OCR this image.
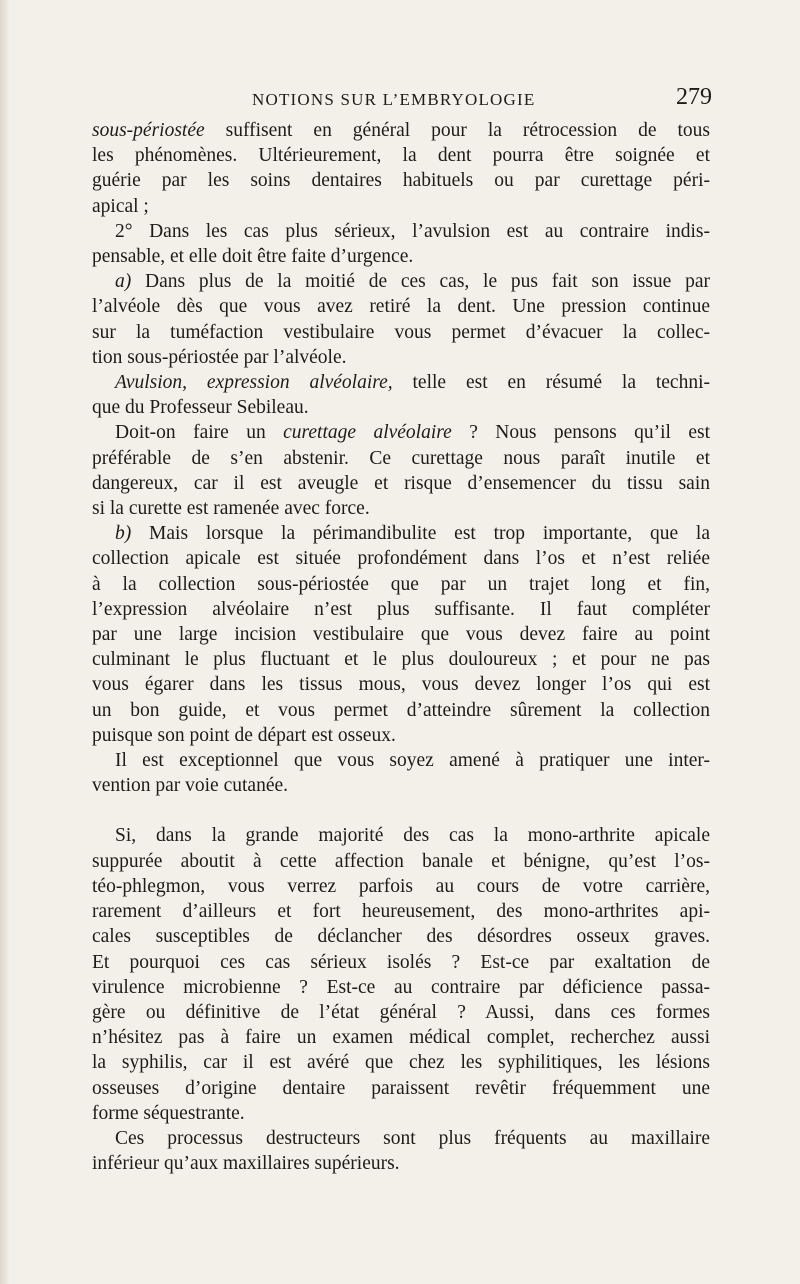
NOTIONS SUR L’EMBRYOLOGIE	279
sous-périostée suffisent en général pour la rétrocession de tous
les phénomènes. Ultérieurement, la dent pourra être soignée et
guérie par les soins dentaires habituels ou par curettage péri-
apical ;
2° Dans les cas plus sérieux, l’avulsion est au contraire indis-
pensable, et elle doit être faite d’urgence.
a) Dans plus de la moitié de ces cas, le pus fait son issue par
l’alvéole dès que vous avez retiré la dent. Une pression continue
sur la tuméfaction vestibulaire vous permet d’évacuer la collec-
tion sous-périostée par l’alvéole.
Avulsion, expression alvéolaire, telle est en résumé la techni-
que du Professeur Sebileau.
Doit-on faire un curettage alvéolaire ? Nous pensons qu’il est
préférable de s’en abstenir. Ce curettage nous paraît inutile et
dangereux, car il est aveugle et risque d’ensemencer du tissu sain
si la curette est ramenée avec force.
b) Mais lorsque la périmandibulite est trop importante, que la
collection apicale est située profondément dans l’os et n’est reliée
à la collection sous-périostée que par un trajet long et fin,
l’expression alvéolaire n’est plus suffisante. Il faut compléter
par une large incision vestibulaire que vous devez faire au point
culminant le plus fluctuant et le plus douloureux ; et pour ne pas
vous égarer dans les tissus mous, vous devez longer l’os qui est
un bon guide, et vous permet d’atteindre sûrement la collection
puisque son point de départ est osseux.
Il est exceptionnel que vous soyez amené à pratiquer une inter-
vention par voie cutanée.
Si, dans la grande majorité des cas la mono-arthrite apicale
suppurée aboutit à cette affection banale et bénigne, qu’est l’os-
téo-phlegmon, vous verrez parfois au cours de votre carrière,
rarement d’ailleurs et fort heureusement, des mono-arthrites api-
cales susceptibles de déclancher des désordres osseux graves.
Et pourquoi ces cas sérieux isolés ? Est-ce par exaltation de
virulence microbienne ? Est-ce au contraire par déficience passa-
gère ou définitive de l’état général ? Aussi, dans ces formes
n’hésitez pas à faire un examen médical complet, recherchez aussi
la syphilis, car il est avéré que chez les syphilitiques, les lésions
osseuses d’origine dentaire paraissent revêtir fréquemment une
forme séquestrante.
Ces processus destructeurs sont plus fréquents au maxillaire
inférieur qu’aux maxillaires supérieurs.
